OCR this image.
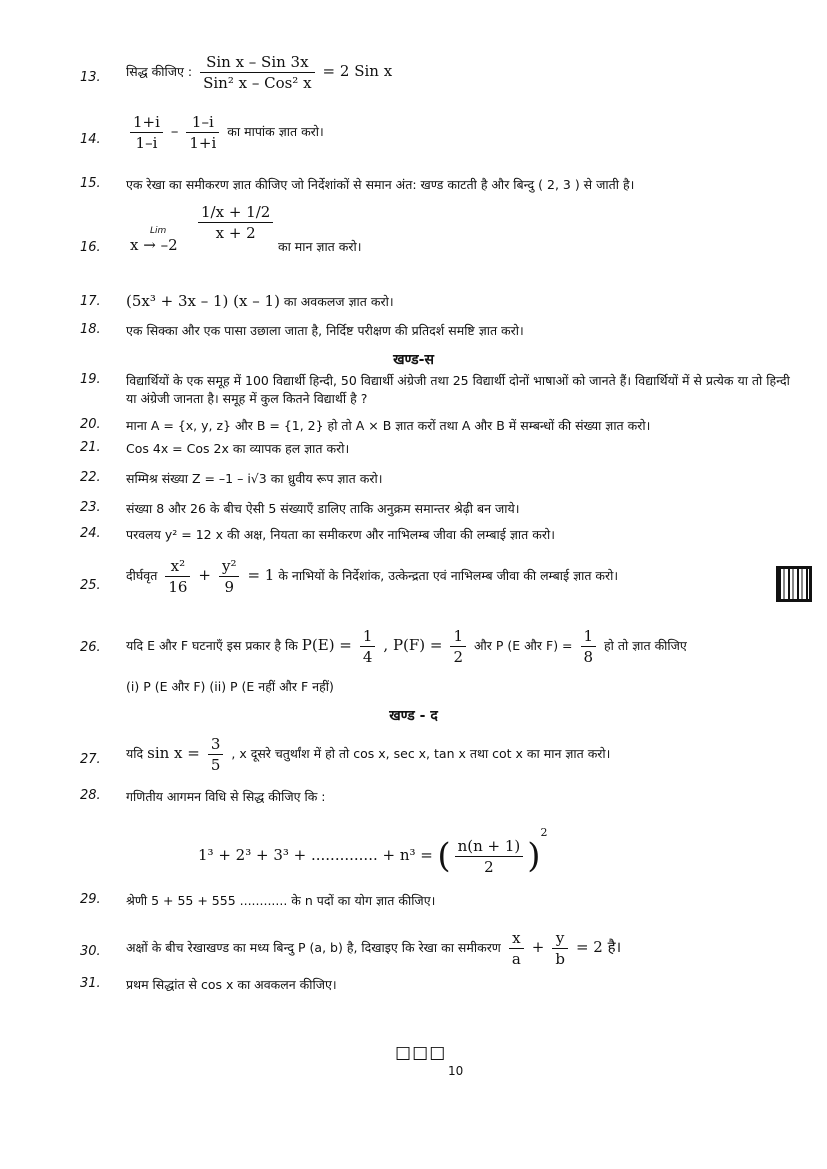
13.	सिद्ध कीजिए : $\frac{\text{Sin x – Sin 3x}}{\text{Sin² x – Cos² x}} = 2$ Sin x
14.	$\frac{1+i}{1-i} - \frac{1-i}{1+i}$ का मापांक ज्ञात करो।
15.	एक रेखा का समीकरण ज्ञात कीजिए जो निर्देशांकों से समान अंत: खण्ड काटती है और बिन्दु ( 2, 3 ) से जाती है।
16.
Lim
x → –2
$\frac{1/x + 1/2}{x + 2}$
का मान ज्ञात करो।
17.	(5x³ + 3x – 1) (x – 1) का अवकलज ज्ञात करो।
18.	एक सिक्का और एक पासा उछाला जाता है, निर्दिष्ट परीक्षण की प्रतिदर्श समष्टि ज्ञात करो।
खण्ड-स
19.	विद्यार्थियों के एक समूह में 100 विद्यार्थी हिन्दी, 50 विद्यार्थी अंग्रेजी तथा 25 विद्यार्थी दोनों भाषाओं को जानते हैं। विद्यार्थियों में से प्रत्येक या तो हिन्दी या अंग्रेजी जानता है। समूह में कुल कितने विद्यार्थी है ?
20.	माना A = {x, y, z} और B = {1, 2} हो तो A × B ज्ञात करों तथा A और B में सम्बन्धों की संख्या ज्ञात करो।
21.	Cos 4x = Cos 2x का व्यापक हल ज्ञात करो।
22.	सम्मिश्र संख्या Z = –1 – i√3 का ध्रुवीय रूप ज्ञात करो।
23.	संख्या 8 और 26 के बीच ऐसी 5 संख्याएँ डालिए ताकि अनुक्रम समान्तर श्रेढ़ी बन जाये।
24.	परवलय y² = 12 x की अक्ष, नियता का समीकरण और नाभिलम्ब जीवा की लम्बाई ज्ञात करो।
25.
दीर्घवृत $\frac{\text{x²}}{16} + \frac{\text{y²}}{9} = 1$ के नाभियों के निर्देशांक, उत्केन्द्रता एवं नाभिलम्ब जीवा की लम्बाई ज्ञात करो।
26.	यदि E और F घटनाएँ इस प्रकार है कि $P(E) = \frac{1}{4}$ , $P(F) = \frac{1}{2}$ और P (E और $F) = \frac{1}{8}$ हो तो ज्ञात कीजिए
(i) P (E और F) (ii) P (E नहीं और F नहीं)
खण्ड - द
27.	यदि $\sin x = \frac{3}{5}$ , x दूसरे चतुर्थांश में हो तो cos x, sec x, tan x तथा cot x का मान ज्ञात करो।
28.	गणितीय आगमन विधि से सिद्ध कीजिए कि :
1³ + 2³ + 3³ + .............. + n³ = ( $\frac{n(n + 1)}{2} )^2$
29.	श्रेणी 5 + 55 + 555 ............ के n पदों का योग ज्ञात कीजिए।
30.	अक्षों के बीच रेखाखण्ड का मध्य बिन्दु P (a, b) है, दिखाइए कि रेखा का समीकरण $\frac{x}{a} + \frac{y}{b} = 2$ है।
31.	प्रथम सिद्धांत से cos x का अवकलन कीजिए।
☐☐☐
10
